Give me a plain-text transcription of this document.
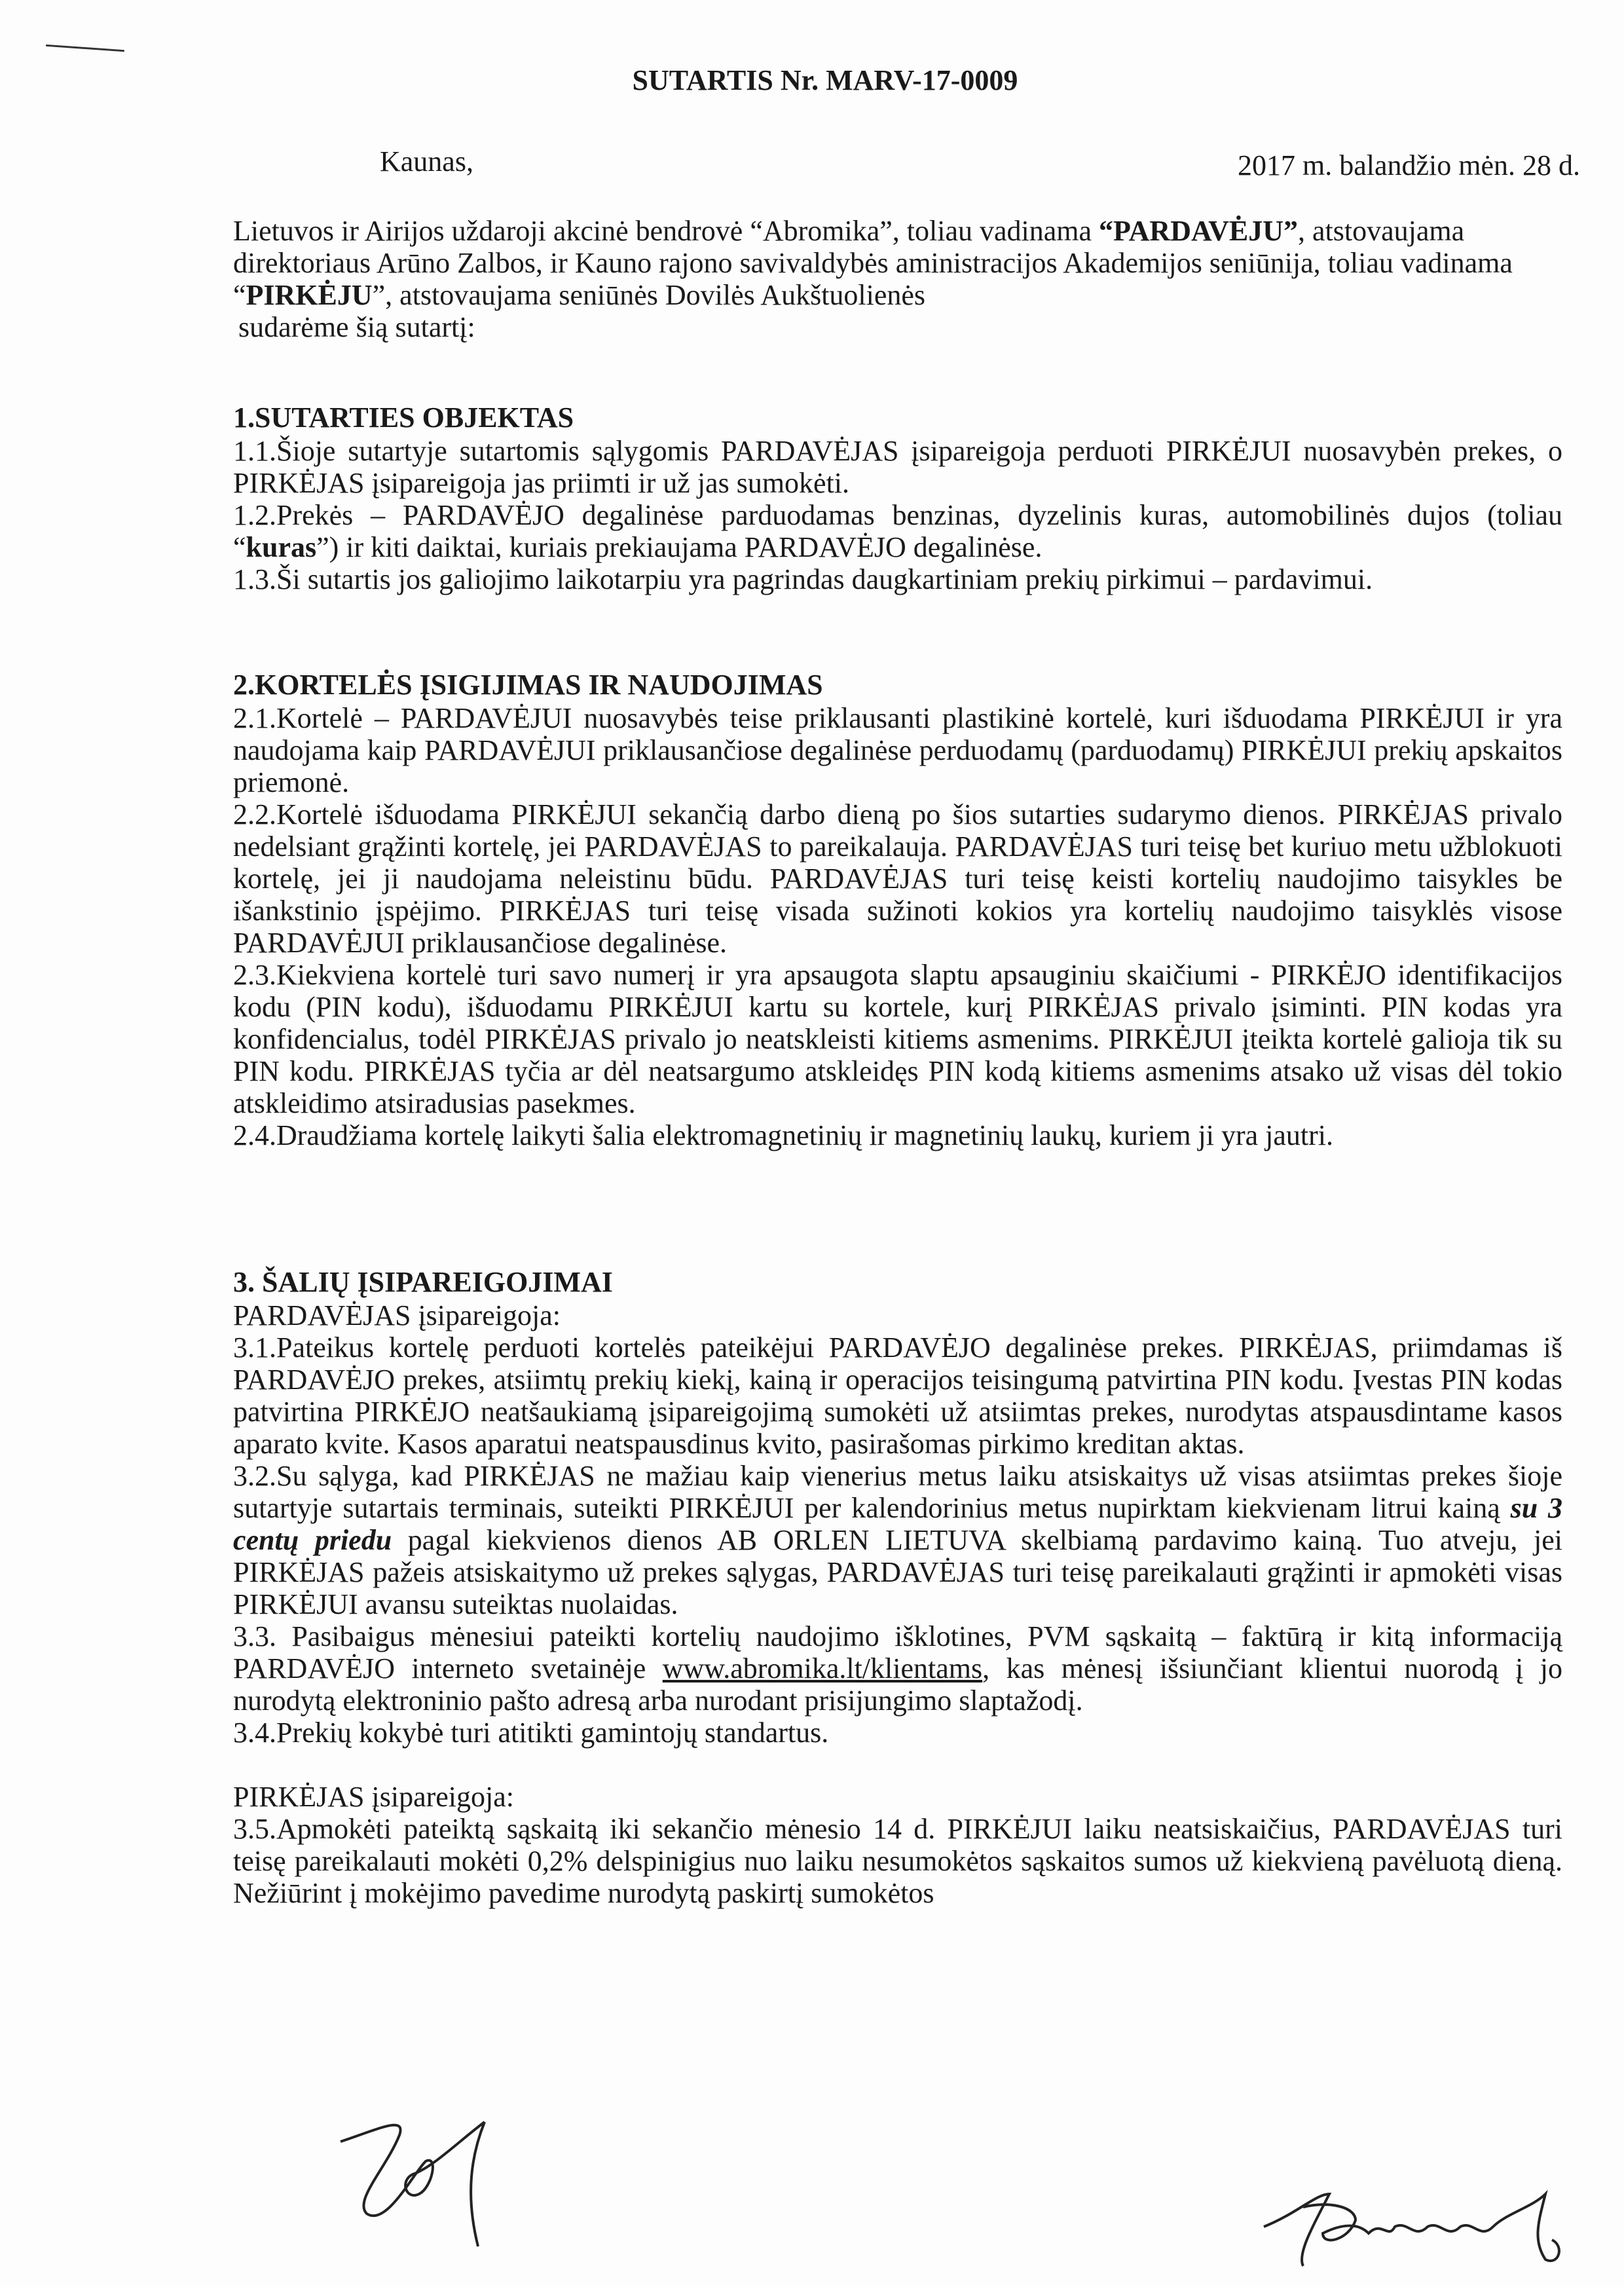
SUTARTIS Nr. MARV-17-0009
Kaunas,	2017 m. balandžio mėn. 28 d.

Lietuvos ir Airijos uždaroji akcinė bendrovė “Abromika”, toliau vadinama “PARDAVĖJU”, atstovaujama direktoriaus Arūno Zalbos, ir Kauno rajono savivaldybės aministracijos Akademijos seniūnija, toliau vadinama “PIRKĖJU”, atstovaujama seniūnės Dovilės Aukštuolienės

sudarėme šią sutartį:

1.SUTARTIES OBJEKTAS

1.1.Šioje sutartyje sutartomis sąlygomis PARDAVĖJAS įsipareigoja perduoti PIRKĖJUI nuosavybėn prekes, o PIRKĖJAS įsipareigoja jas priimti ir už jas sumokėti.

1.2.Prekės – PARDAVĖJO degalinėse parduodamas benzinas, dyzelinis kuras, automobilinės dujos (toliau “kuras”) ir kiti daiktai, kuriais prekiaujama PARDAVĖJO degalinėse.

1.3.Ši sutartis jos galiojimo laikotarpiu yra pagrindas daugkartiniam prekių pirkimui – pardavimui.

2.KORTELĖS ĮSIGIJIMAS IR NAUDOJIMAS

2.1.Kortelė – PARDAVĖJUI nuosavybės teise priklausanti plastikinė kortelė, kuri išduodama PIRKĖJUI ir yra naudojama kaip PARDAVĖJUI priklausančiose degalinėse perduodamų (parduodamų) PIRKĖJUI prekių apskaitos priemonė.

2.2.Kortelė išduodama PIRKĖJUI sekančią darbo dieną po šios sutarties sudarymo dienos. PIRKĖJAS privalo nedelsiant grąžinti kortelę, jei PARDAVĖJAS to pareikalauja. PARDAVĖJAS turi teisę bet kuriuo metu užblokuoti kortelę, jei ji naudojama neleistinu būdu. PARDAVĖJAS turi teisę keisti kortelių naudojimo taisykles be išankstinio įspėjimo. PIRKĖJAS turi teisę visada sužinoti kokios yra kortelių naudojimo taisyklės visose PARDAVĖJUI priklausančiose degalinėse.

2.3.Kiekviena kortelė turi savo numerį ir yra apsaugota slaptu apsauginiu skaičiumi - PIRKĖJO identifikacijos kodu (PIN kodu), išduodamu PIRKĖJUI kartu su kortele, kurį PIRKĖJAS privalo įsiminti. PIN kodas yra konfidencialus, todėl PIRKĖJAS privalo jo neatskleisti kitiems asmenims. PIRKĖJUI įteikta kortelė galioja tik su PIN kodu. PIRKĖJAS tyčia ar dėl neatsargumo atskleidęs PIN kodą kitiems asmenims atsako už visas dėl tokio atskleidimo atsiradusias pasekmes.

2.4.Draudžiama kortelę laikyti šalia elektromagnetinių ir magnetinių laukų, kuriem ji yra jautri.

3. ŠALIŲ ĮSIPAREIGOJIMAI

PARDAVĖJAS įsipareigoja:

3.1.Pateikus kortelę perduoti kortelės pateikėjui PARDAVĖJO degalinėse prekes. PIRKĖJAS, priimdamas iš PARDAVĖJO prekes, atsiimtų prekių kiekį, kainą ir operacijos teisingumą patvirtina PIN kodu. Įvestas PIN kodas patvirtina PIRKĖJO neatšaukiamą įsipareigojimą sumokėti už atsiimtas prekes, nurodytas atspausdintame kasos aparato kvite. Kasos aparatui neatspausdinus kvito, pasirašomas pirkimo kreditan aktas.

3.2.Su sąlyga, kad PIRKĖJAS ne mažiau kaip vienerius metus laiku atsiskaitys už visas atsiimtas prekes šioje sutartyje sutartais terminais, suteikti PIRKĖJUI per kalendorinius metus nupirktam kiekvienam litrui kainą su 3 centų priedu pagal kiekvienos dienos AB ORLEN LIETUVA skelbiamą pardavimo kainą. Tuo atveju, jei PIRKĖJAS pažeis atsiskaitymo už prekes sąlygas, PARDAVĖJAS turi teisę pareikalauti grąžinti ir apmokėti visas PIRKĖJUI avansu suteiktas nuolaidas.

3.3. Pasibaigus mėnesiui pateikti kortelių naudojimo išklotines, PVM sąskaitą – faktūrą ir kitą informaciją PARDAVĖJO interneto svetainėje www.abromika.lt/klientams, kas mėnesį išsiunčiant klientui nuorodą į jo nurodytą elektroninio pašto adresą arba nurodant prisijungimo slaptažodį.

3.4.Prekių kokybė turi atitikti gamintojų standartus.

PIRKĖJAS įsipareigoja:

3.5.Apmokėti pateiktą sąskaitą iki sekančio mėnesio 14 d. PIRKĖJUI laiku neatsiskaičius, PARDAVĖJAS turi teisę pareikalauti mokėti 0,2% delspinigius nuo laiku nesumokėtos sąskaitos sumos už kiekvieną pavėluotą dieną. Nežiūrint į mokėjimo pavedime nurodytą paskirtį sumokėtos
